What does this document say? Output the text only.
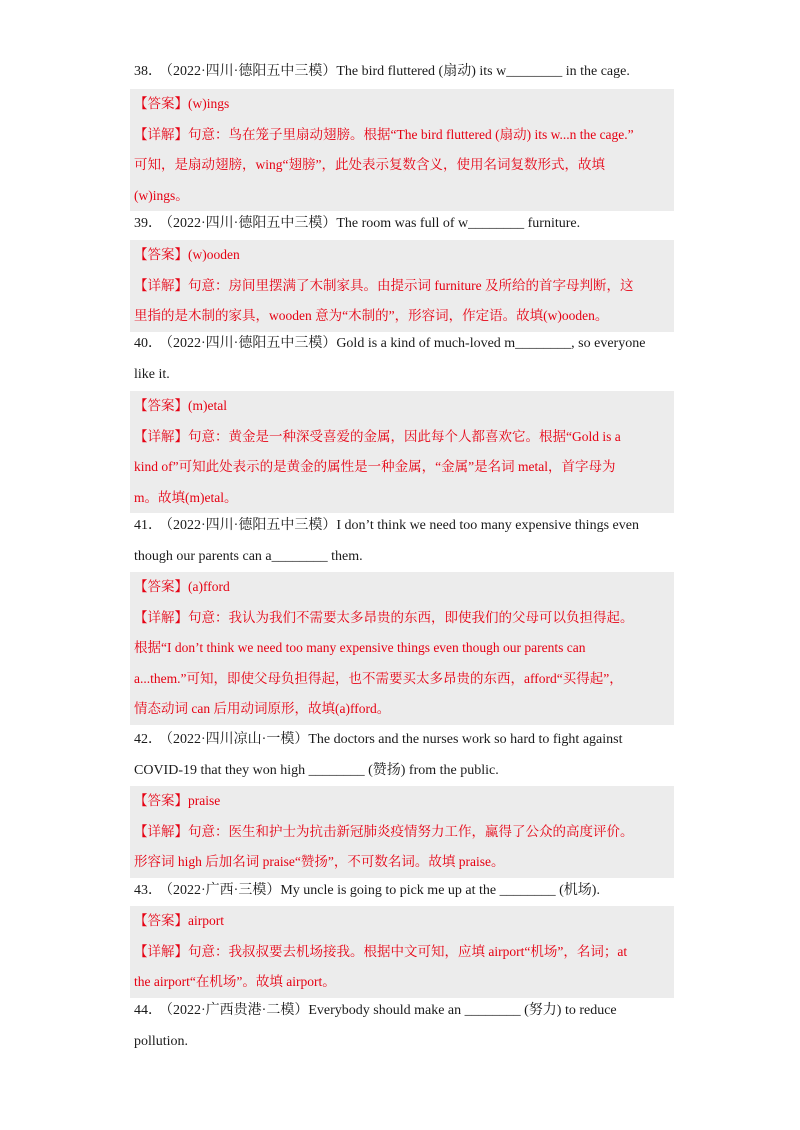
38． （2022·四川·德阳五中三模）The bird fluttered (扇动) its w________ in the cage.
【答案】(w)ings
【详解】句意：鸟在笼子里扇动翅膀。根据“The bird fluttered (扇动) its w...n the cage.”
可知，是扇动翅膀，wing“翅膀”，此处表示复数含义，使用名词复数形式，故填
(w)ings。
39． （2022·四川·德阳五中三模）The room was full of w________ furniture.
【答案】(w)ooden
【详解】句意：房间里摆满了木制家具。由提示词 furniture 及所给的首字母判断，这
里指的是木制的家具，wooden 意为“木制的”，形容词，作定语。故填(w)ooden。
40． （2022·四川·德阳五中三模）Gold is a kind of much-loved m________, so everyone
like it.
【答案】(m)etal
【详解】句意：黄金是一种深受喜爱的金属，因此每个人都喜欢它。根据“Gold is a
kind of”可知此处表示的是黄金的属性是一种金属，“金属”是名词 metal，首字母为
m。故填(m)etal。
41． （2022·四川·德阳五中三模）I don’t think we need too many expensive things even
though our parents can a________ them.
【答案】(a)fford
【详解】句意：我认为我们不需要太多昂贵的东西，即使我们的父母可以负担得起。
根据“I don’t think we need too many expensive things even though our parents can
a...them.”可知，即使父母负担得起，也不需要买太多昂贵的东西，afford“买得起”，
情态动词 can 后用动词原形，故填(a)fford。
42． （2022·四川凉山·一模）The doctors and the nurses work so hard to fight against
COVID-19 that they won high ________ (赞扬) from the public.
【答案】praise
【详解】句意：医生和护士为抗击新冠肺炎疫情努力工作，赢得了公众的高度评价。
形容词 high 后加名词 praise“赞扬”，不可数名词。故填 praise。
43． （2022·广西·三模）My uncle is going to pick me up at the ________ (机场).
【答案】airport
【详解】句意：我叔叔要去机场接我。根据中文可知，应填 airport“机场”，名词；at
the airport“在机场”。故填 airport。
44． （2022·广西贵港·二模）Everybody should make an ________ (努力) to reduce
pollution.
